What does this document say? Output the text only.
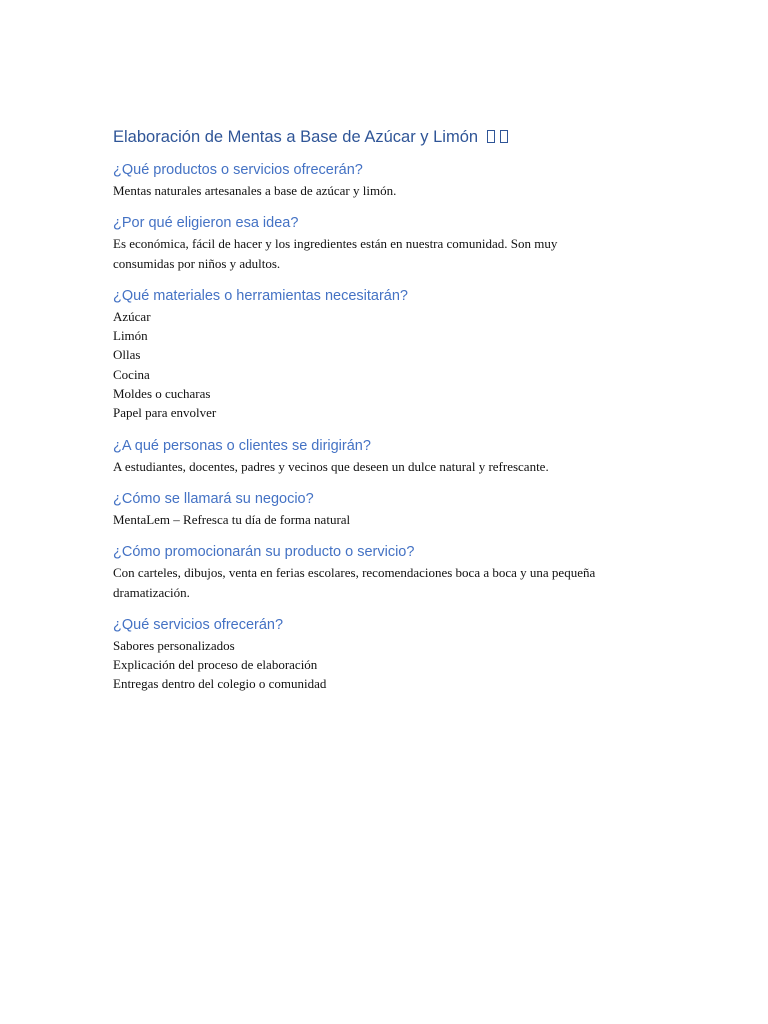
Elaboración de Mentas a Base de Azúcar y Limón
¿Qué productos o servicios ofrecerán?

Mentas naturales artesanales a base de azúcar y limón.

¿Por qué eligieron esa idea?

Es económica, fácil de hacer y los ingredientes están en nuestra comunidad. Son muy

consumidas por niños y adultos.

¿Qué materiales o herramientas necesitarán?

Azúcar

Limón

Ollas

Cocina

Moldes o cucharas

Papel para envolver

¿A qué personas o clientes se dirigirán?

A estudiantes, docentes, padres y vecinos que deseen un dulce natural y refrescante.

¿Cómo se llamará su negocio?

MentaLem – Refresca tu día de forma natural

¿Cómo promocionarán su producto o servicio?

Con carteles, dibujos, venta en ferias escolares, recomendaciones boca a boca y una pequeña

dramatización.

¿Qué servicios ofrecerán?

Sabores personalizados

Explicación del proceso de elaboración

Entregas dentro del colegio o comunidad
